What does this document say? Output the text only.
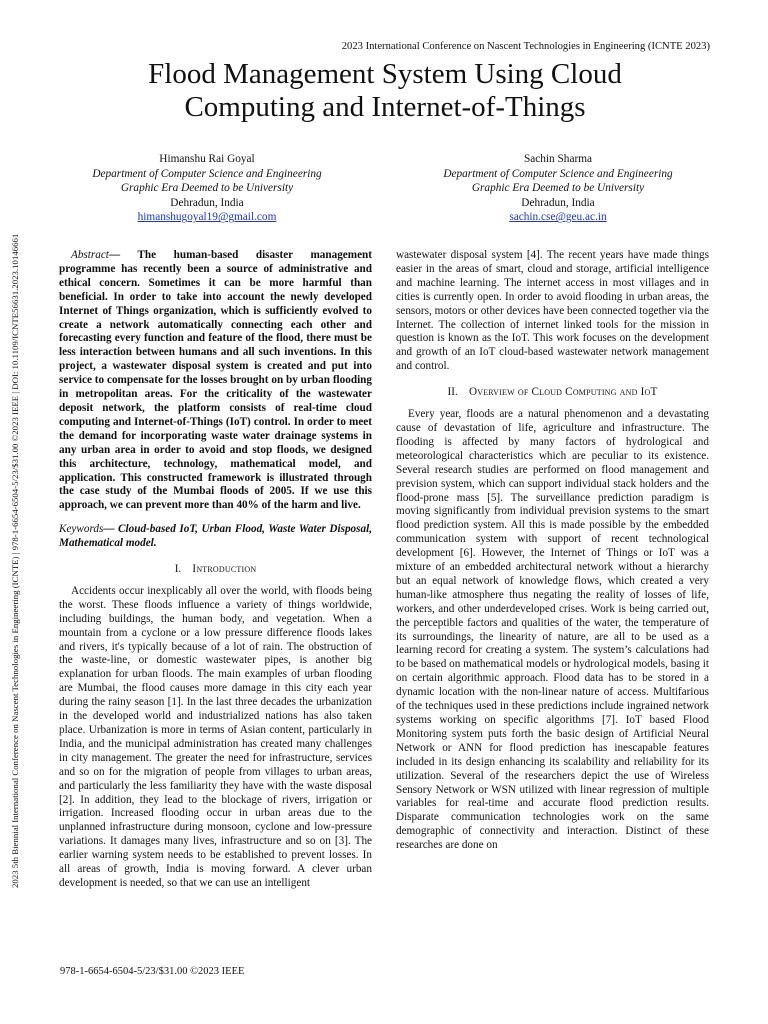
2023 International Conference on Nascent Technologies in Engineering (ICNTE 2023)
Flood Management System Using Cloud
Computing and Internet-of-Things
Himanshu Rai Goyal
Department of Computer Science and Engineering
Graphic Era Deemed to be University
Dehradun, India
himanshugoyal19@gmail.com
Sachin Sharma
Department of Computer Science and Engineering
Graphic Era Deemed to be University
Dehradun, India
sachin.cse@geu.ac.in

Abstract— The human-based disaster management programme has recently been a source of administrative and ethical concern. Sometimes it can be more harmful than beneficial. In order to take into account the newly developed Internet of Things organization, which is sufficiently evolved to create a network automatically connecting each other and forecasting every function and feature of the flood, there must be less interaction between humans and all such inventions. In this project, a wastewater disposal system is created and put into service to compensate for the losses brought on by urban flooding in metropolitan areas. For the criticality of the wastewater deposit network, the platform consists of real-time cloud computing and Internet-of-Things (IoT) control. In order to meet the demand for incorporating waste water drainage systems in any urban area in order to avoid and stop floods, we designed this architecture, technology, mathematical model, and application. This constructed framework is illustrated through the case study of the Mumbai floods of 2005. If we use this approach, we can prevent more than 40% of the harm and live.

Keywords— Cloud-based IoT, Urban Flood, Waste Water Disposal, Mathematical model.

I. Introduction

Accidents occur inexplicably all over the world, with floods being the worst. These floods influence a variety of things worldwide, including buildings, the human body, and vegetation. When a mountain from a cyclone or a low pressure difference floods lakes and rivers, it's typically because of a lot of rain. The obstruction of the waste-line, or domestic wastewater pipes, is another big explanation for urban floods. The main examples of urban flooding are Mumbai, the flood causes more damage in this city each year during the rainy season [1]. In the last three decades the urbanization in the developed world and industrialized nations has also taken place. Urbanization is more in terms of Asian content, particularly in India, and the municipal administration has created many challenges in city management. The greater the need for infrastructure, services and so on for the migration of people from villages to urban areas, and particularly the less familiarity they have with the waste disposal [2]. In addition, they lead to the blockage of rivers, irrigation or irrigation. Increased flooding occur in urban areas due to the unplanned infrastructure during monsoon, cyclone and low-pressure variations. It damages many lives, infrastructure and so on [3]. The earlier warning system needs to be established to prevent losses. In all areas of growth, India is moving forward. A clever urban development is needed, so that we can use an intelligent

wastewater disposal system [4]. The recent years have made things easier in the areas of smart, cloud and storage, artificial intelligence and machine learning. The internet access in most villages and in cities is currently open. In order to avoid flooding in urban areas, the sensors, motors or other devices have been connected together via the Internet. The collection of internet linked tools for the mission in question is known as the IoT. This work focuses on the development and growth of an IoT cloud-based wastewater network management and control.

II. Overview of Cloud Computing and IoT

Every year, floods are a natural phenomenon and a devastating cause of devastation of life, agriculture and infrastructure. The flooding is affected by many factors of hydrological and meteorological characteristics which are peculiar to its existence. Several research studies are performed on flood management and prevision system, which can support individual stack holders and the flood-prone mass [5]. The surveillance prediction paradigm is moving significantly from individual prevision systems to the smart flood prediction system. All this is made possible by the embedded communication system with support of recent technological development [6]. However, the Internet of Things or IoT was a mixture of an embedded architectural network without a hierarchy but an equal network of knowledge flows, which created a very human-like atmosphere thus negating the reality of losses of life, workers, and other underdeveloped crises. Work is being carried out, the perceptible factors and qualities of the water, the temperature of its surroundings, the linearity of nature, are all to be used as a learning record for creating a system. The system’s calculations had to be based on mathematical models or hydrological models, basing it on certain algorithmic approach. Flood data has to be stored in a dynamic location with the non-linear nature of access. Multifarious of the techniques used in these predictions include ingrained network systems working on specific algorithms [7]. IoT based Flood Monitoring system puts forth the basic design of Artificial Neural Network or ANN for flood prediction has inescapable features included in its design enhancing its scalability and reliability for its utilization. Several of the researchers depict the use of Wireless Sensory Network or WSN utilized with linear regression of multiple variables for real-time and accurate flood prediction results. Disparate communication technologies work on the same demographic of connectivity and interaction. Distinct of these researches are done on

2023 5th Biennial International Conference on Nascent Technologies in Engineering (ICNTE) | 978-1-6654-6504-5/23/$31.00 ©2023 IEEE | DOI: 10.1109/ICNTE56631.2023.10146661
978-1-6654-6504-5/23/$31.00 ©2023 IEEE
